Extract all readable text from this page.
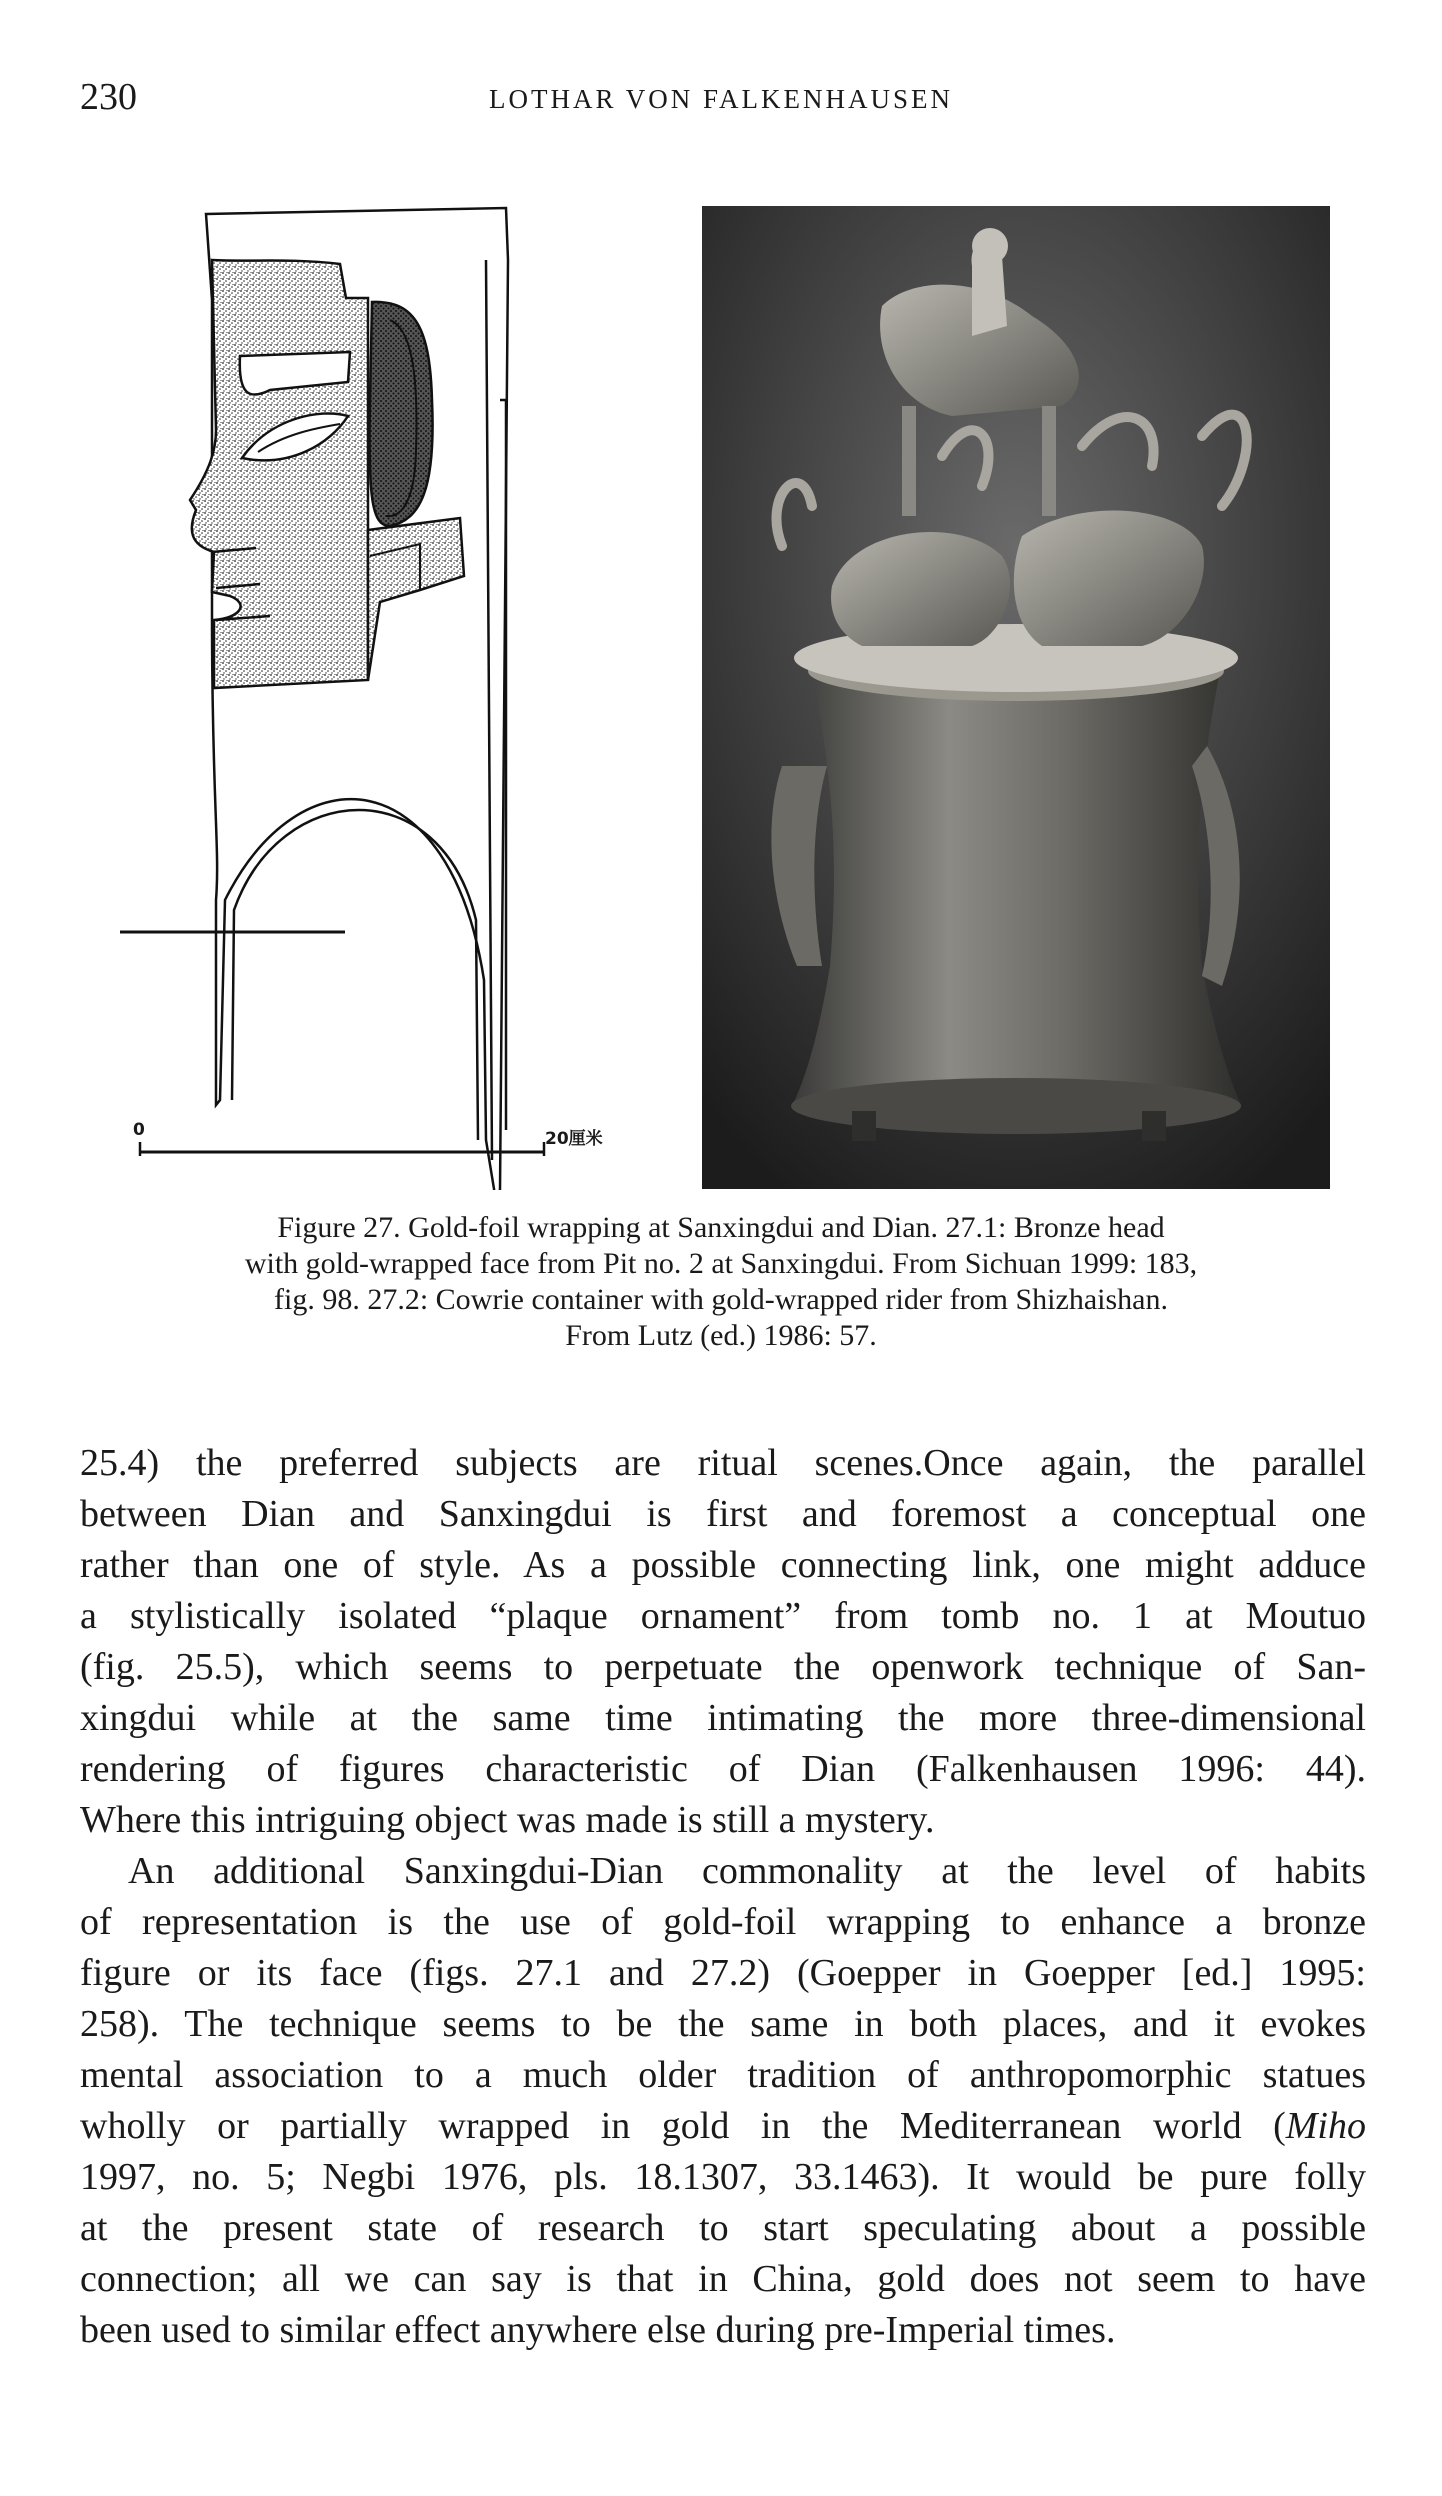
230	LOTHAR VON FALKENHAUSEN
0	20厘米
Figure 27. Gold-foil wrapping at Sanxingdui and Dian. 27.1: Bronze head
with gold-wrapped face from Pit no. 2 at Sanxingdui. From Sichuan 1999: 183,
fig. 98. 27.2: Cowrie container with gold-wrapped rider from Shizhaishan.
From Lutz (ed.) 1986: 57.
25.4) the preferred subjects are ritual scenes.Once again, the parallel
between Dian and Sanxingdui is first and foremost a conceptual one
rather than one of style. As a possible connecting link, one might adduce
a stylistically isolated “plaque ornament” from tomb no. 1 at Moutuo
(fig. 25.5), which seems to perpetuate the openwork technique of San-
xingdui while at the same time intimating the more three-dimensional
rendering of figures characteristic of Dian (Falkenhausen 1996: 44).
Where this intriguing object was made is still a mystery.
An additional Sanxingdui-Dian commonality at the level of habits
of representation is the use of gold-foil wrapping to enhance a bronze
figure or its face (figs. 27.1 and 27.2) (Goepper in Goepper [ed.] 1995:
258). The technique seems to be the same in both places, and it evokes
mental association to a much older tradition of anthropomorphic statues
wholly or partially wrapped in gold in the Mediterranean world (Miho
1997, no. 5; Negbi 1976, pls. 18.1307, 33.1463). It would be pure folly
at the present state of research to start speculating about a possible
connection; all we can say is that in China, gold does not seem to have
been used to similar effect anywhere else during pre-Imperial times.
